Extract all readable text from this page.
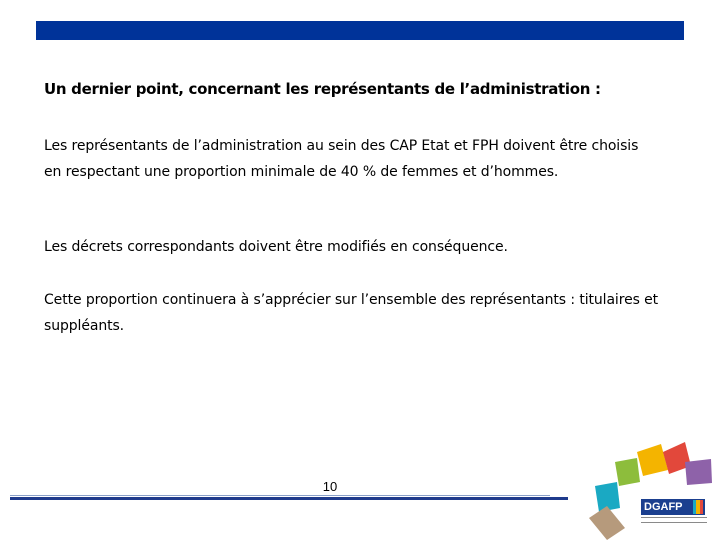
Un dernier point, concernant les représentants de l’administration :
Les représentants de l’administration au sein des CAP Etat et FPH doivent être choisis en respectant une proportion minimale de 40 % de femmes et d’hommes.
Les décrets correspondants doivent être modifiés en conséquence.
Cette proportion continuera à s’apprécier sur l’ensemble des représentants : titulaires et suppléants.
10
DGAFP
